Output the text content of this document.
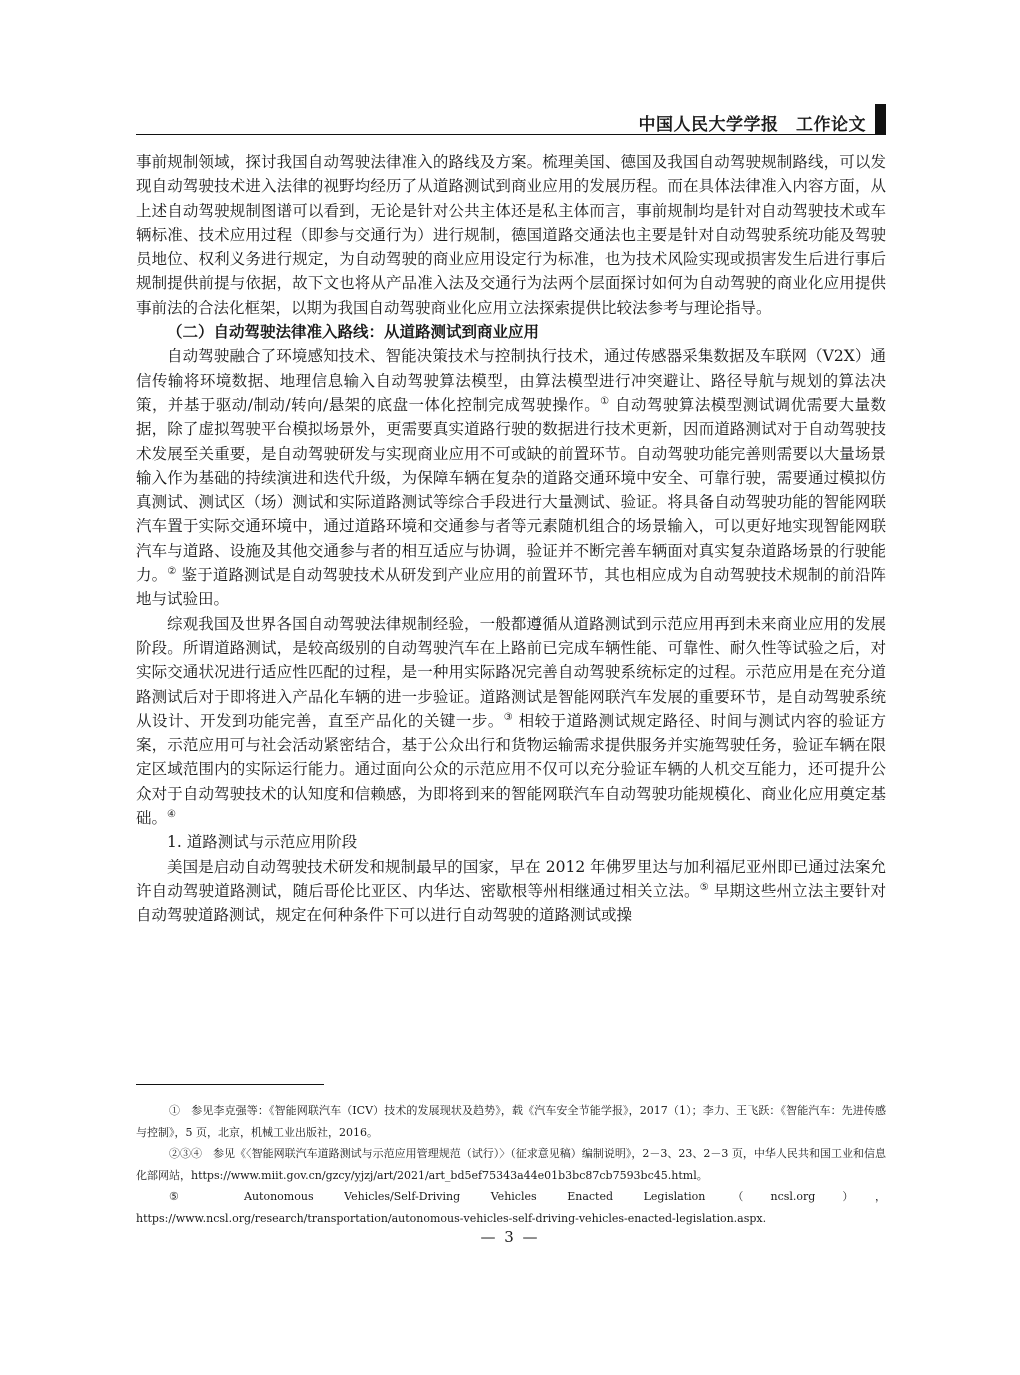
中国人民大学学报　工作论文

事前规制领域，探讨我国自动驾驶法律准入的路线及方案。梳理美国、德国及我国自动驾驶规制路线，可以发现自动驾驶技术进入法律的视野均经历了从道路测试到商业应用的发展历程。而在具体法律准入内容方面，从上述自动驾驶规制图谱可以看到，无论是针对公共主体还是私主体而言，事前规制均是针对自动驾驶技术或车辆标准、技术应用过程（即参与交通行为）进行规制，德国道路交通法也主要是针对自动驾驶系统功能及驾驶员地位、权利义务进行规定，为自动驾驶的商业应用设定行为标准，也为技术风险实现或损害发生后进行事后规制提供前提与依据，故下文也将从产品准入法及交通行为法两个层面探讨如何为自动驾驶的商业化应用提供事前法的合法化框架，以期为我国自动驾驶商业化应用立法探索提供比较法参考与理论指导。

（二）自动驾驶法律准入路线：从道路测试到商业应用

自动驾驶融合了环境感知技术、智能决策技术与控制执行技术，通过传感器采集数据及车联网（V2X）通信传输将环境数据、地理信息输入自动驾驶算法模型，由算法模型进行冲突避让、路径导航与规划的算法决策，并基于驱动/制动/转向/悬架的底盘一体化控制完成驾驶操作。① 自动驾驶算法模型测试调优需要大量数据，除了虚拟驾驶平台模拟场景外，更需要真实道路行驶的数据进行技术更新，因而道路测试对于自动驾驶技术发展至关重要，是自动驾驶研发与实现商业应用不可或缺的前置环节。自动驾驶功能完善则需要以大量场景输入作为基础的持续演进和迭代升级，为保障车辆在复杂的道路交通环境中安全、可靠行驶，需要通过模拟仿真测试、测试区（场）测试和实际道路测试等综合手段进行大量测试、验证。将具备自动驾驶功能的智能网联汽车置于实际交通环境中，通过道路环境和交通参与者等元素随机组合的场景输入，可以更好地实现智能网联汽车与道路、设施及其他交通参与者的相互适应与协调，验证并不断完善车辆面对真实复杂道路场景的行驶能力。② 鉴于道路测试是自动驾驶技术从研发到产业应用的前置环节，其也相应成为自动驾驶技术规制的前沿阵地与试验田。

综观我国及世界各国自动驾驶法律规制经验，一般都遵循从道路测试到示范应用再到未来商业应用的发展阶段。所谓道路测试，是较高级别的自动驾驶汽车在上路前已完成车辆性能、可靠性、耐久性等试验之后，对实际交通状况进行适应性匹配的过程，是一种用实际路况完善自动驾驶系统标定的过程。示范应用是在充分道路测试后对于即将进入产品化车辆的进一步验证。道路测试是智能网联汽车发展的重要环节，是自动驾驶系统从设计、开发到功能完善，直至产品化的关键一步。③ 相较于道路测试规定路径、时间与测试内容的验证方案，示范应用可与社会活动紧密结合，基于公众出行和货物运输需求提供服务并实施驾驶任务，验证车辆在限定区域范围内的实际运行能力。通过面向公众的示范应用不仅可以充分验证车辆的人机交互能力，还可提升公众对于自动驾驶技术的认知度和信赖感，为即将到来的智能网联汽车自动驾驶功能规模化、商业化应用奠定基础。④

1. 道路测试与示范应用阶段

美国是启动自动驾驶技术研发和规制最早的国家，早在 2012 年佛罗里达与加利福尼亚州即已通过法案允许自动驾驶道路测试，随后哥伦比亚区、内华达、密歇根等州相继通过相关立法。⑤ 早期这些州立法主要针对自动驾驶道路测试，规定在何种条件下可以进行自动驾驶的道路测试或操

①　参见李克强等：《智能网联汽车（ICV）技术的发展现状及趋势》，载《汽车安全节能学报》，2017（1）；李力、王飞跃：《智能汽车：先进传感与控制》，5 页，北京，机械工业出版社，2016。

②③④　参见《〈智能网联汽车道路测试与示范应用管理规范（试行）〉（征求意见稿）编制说明》，2－3、23、2－3 页，中华人民共和国工业和信息化部网站，https://www.miit.gov.cn/gzcy/yjzj/art/2021/art_bd5ef75343a44e01b3bc87cb7593bc45.html。

⑤　Autonomous Vehicles/Self-Driving Vehicles Enacted Legislation（ncsl.org），https://www.ncsl.org/research/transportation/autonomous-vehicles-self-driving-vehicles-enacted-legislation.aspx.

— 3 —
